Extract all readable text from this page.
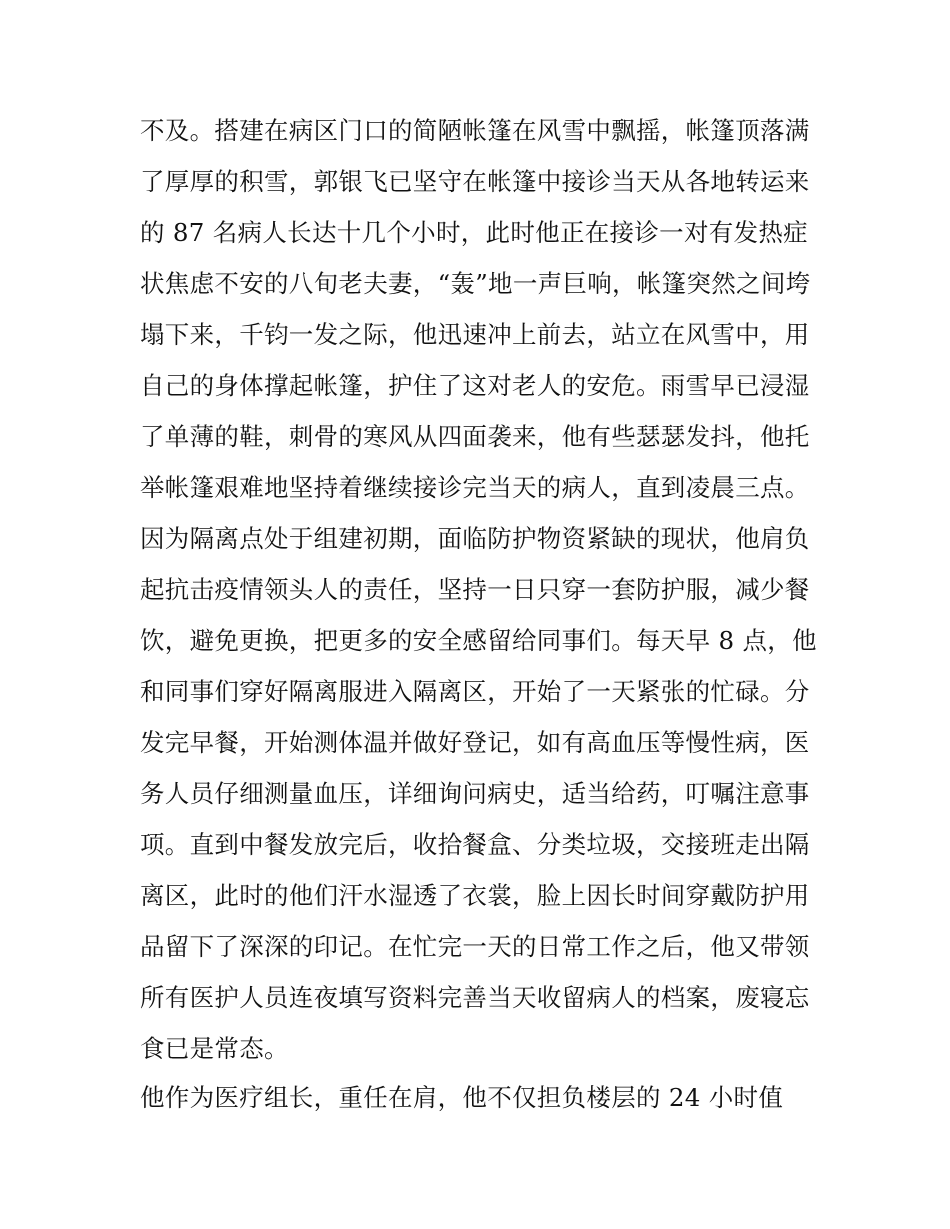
不及。搭建在病区门口的简陋帐篷在风雪中飘摇，帐篷顶落满
了厚厚的积雪，郭银飞已坚守在帐篷中接诊当天从各地转运来
的 87 名病人长达十几个小时，此时他正在接诊一对有发热症
状焦虑不安的八旬老夫妻，“轰”地一声巨响，帐篷突然之间垮
塌下来，千钧一发之际，他迅速冲上前去，站立在风雪中，用
自己的身体撑起帐篷，护住了这对老人的安危。雨雪早已浸湿
了单薄的鞋，刺骨的寒风从四面袭来，他有些瑟瑟发抖，他托
举帐篷艰难地坚持着继续接诊完当天的病人，直到凌晨三点。
因为隔离点处于组建初期，面临防护物资紧缺的现状，他肩负
起抗击疫情领头人的责任，坚持一日只穿一套防护服，减少餐
饮，避免更换，把更多的安全感留给同事们。每天早 8 点，他
和同事们穿好隔离服进入隔离区，开始了一天紧张的忙碌。分
发完早餐，开始测体温并做好登记，如有高血压等慢性病，医
务人员仔细测量血压，详细询问病史，适当给药，叮嘱注意事
项。直到中餐发放完后，收拾餐盒、分类垃圾，交接班走出隔
离区，此时的他们汗水湿透了衣裳，脸上因长时间穿戴防护用
品留下了深深的印记。在忙完一天的日常工作之后，他又带领
所有医护人员连夜填写资料完善当天收留病人的档案，废寝忘
食已是常态。
他作为医疗组长，重任在肩，他不仅担负楼层的 24 小时值
